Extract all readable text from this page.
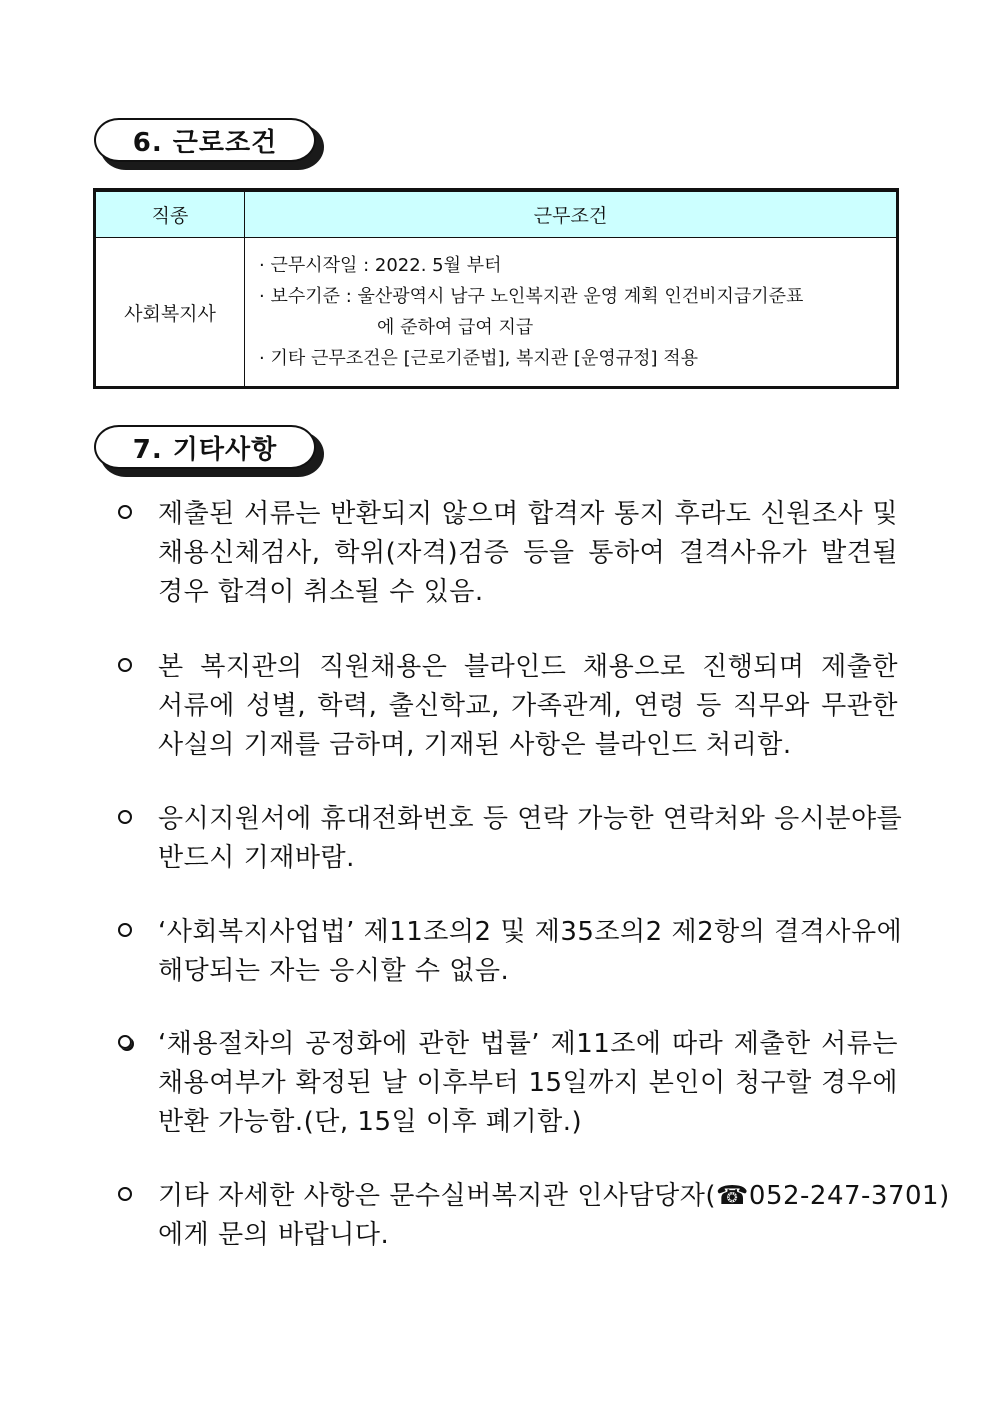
6. 근로조건
직종	근무조건
사회복지사	· 근무시작일 : 2022. 5월 부터
· 보수기준 : 울산광역시 남구 노인복지관 운영 계획 인건비지급기준표
에 준하여 급여 지급
· 기타 근무조건은 [근로기준법], 복지관 [운영규정] 적용
7. 기타사항
제출된 서류는 반환되지 않으며 합격자 통지 후라도 신원조사 및
채용신체검사, 학위(자격)검증 등을 통하여 결격사유가 발견될
경우 합격이 취소될 수 있음.
본 복지관의 직원채용은 블라인드 채용으로 진행되며 제출한
서류에 성별, 학력, 출신학교, 가족관계, 연령 등 직무와 무관한
사실의 기재를 금하며, 기재된 사항은 블라인드 처리함.
응시지원서에 휴대전화번호 등 연락 가능한 연락처와 응시분야를
반드시 기재바람.
‘사회복지사업법’ 제11조의2 및 제35조의2 제2항의 결격사유에
해당되는 자는 응시할 수 없음.
‘채용절차의 공정화에 관한 법률’ 제11조에 따라 제출한 서류는
채용여부가 확정된 날 이후부터 15일까지 본인이 청구할 경우에
반환 가능함.(단, 15일 이후 폐기함.)
기타 자세한 사항은 문수실버복지관 인사담당자(☎052-247-3701)
에게 문의 바랍니다.
